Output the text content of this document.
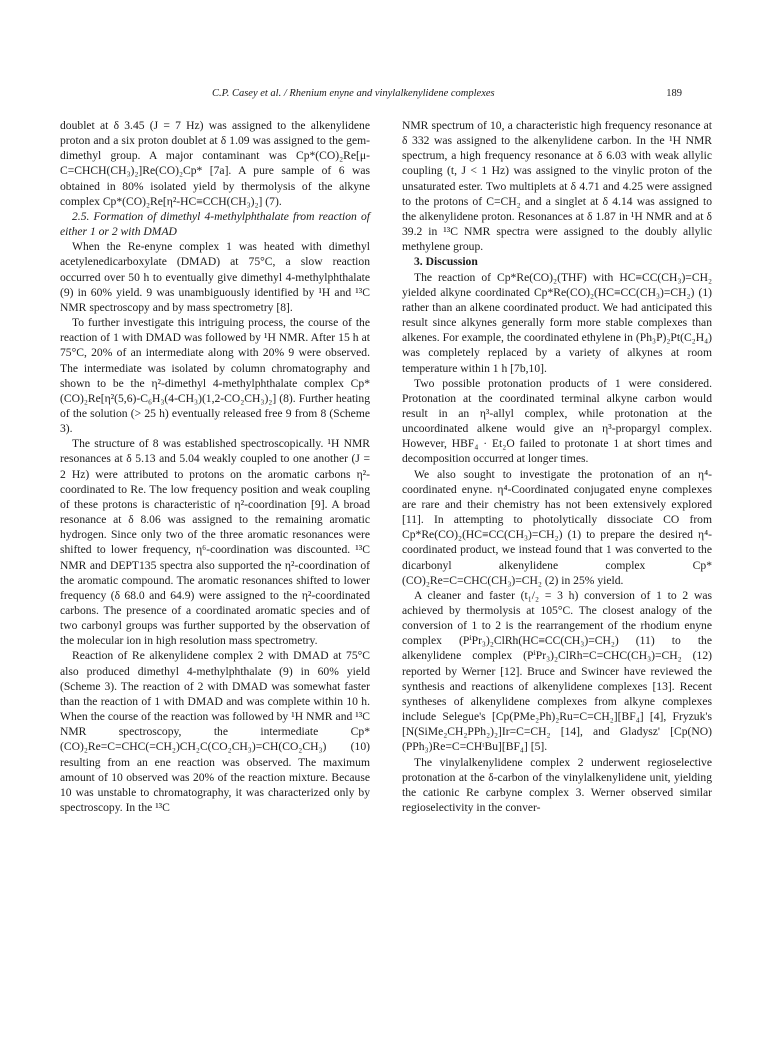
C.P. Casey et al. / Rhenium enyne and vinylalkenylidene complexes	189

doublet at δ 3.45 (J = 7 Hz) was assigned to the alkenylidene proton and a six proton doublet at δ 1.09 was assigned to the gem-dimethyl group. A major contaminant was Cp*(CO)₂Re[μ-C=CHCH(CH₃)₂]Re(CO)₂Cp* [7a]. A pure sample of 6 was obtained in 80% isolated yield by thermolysis of the alkyne complex Cp*(CO)₂Re[η²-HC≡CCH(CH₃)₂] (7).

2.5. Formation of dimethyl 4-methylphthalate from reaction of either 1 or 2 with DMAD

When the Re-enyne complex 1 was heated with dimethyl acetylenedicarboxylate (DMAD) at 75°C, a slow reaction occurred over 50 h to eventually give dimethyl 4-methylphthalate (9) in 60% yield. 9 was unambiguously identified by ¹H and ¹³C NMR spectroscopy and by mass spectrometry [8].

To further investigate this intriguing process, the course of the reaction of 1 with DMAD was followed by ¹H NMR. After 15 h at 75°C, 20% of an intermediate along with 20% 9 were observed. The intermediate was isolated by column chromatography and shown to be the η²-dimethyl 4-methylphthalate complex Cp*(CO)₂Re[η²(5,6)-C₆H₃(4-CH₃)(1,2-CO₂CH₃)₂] (8). Further heating of the solution (> 25 h) eventually released free 9 from 8 (Scheme 3).

The structure of 8 was established spectroscopically. ¹H NMR resonances at δ 5.13 and 5.04 weakly coupled to one another (J = 2 Hz) were attributed to protons on the aromatic carbons η²-coordinated to Re. The low frequency position and weak coupling of these protons is characteristic of η²-coordination [9]. A broad resonance at δ 8.06 was assigned to the remaining aromatic hydrogen. Since only two of the three aromatic resonances were shifted to lower frequency, η⁶-coordination was discounted. ¹³C NMR and DEPT135 spectra also supported the η²-coordination of the aromatic compound. The aromatic resonances shifted to lower frequency (δ 68.0 and 64.9) were assigned to the η²-coordinated carbons. The presence of a coordinated aromatic species and of two carbonyl groups was further supported by the observation of the molecular ion in high resolution mass spectrometry.

Reaction of Re alkenylidene complex 2 with DMAD at 75°C also produced dimethyl 4-methylphthalate (9) in 60% yield (Scheme 3). The reaction of 2 with DMAD was somewhat faster than the reaction of 1 with DMAD and was complete within 10 h. When the course of the reaction was followed by ¹H NMR and ¹³C NMR spectroscopy, the intermediate Cp*(CO)₂Re=C=CHC(=CH₂)CH₂C(CO₂CH₃)=CH(CO₂CH₃) (10) resulting from an ene reaction was observed. The maximum amount of 10 observed was 20% of the reaction mixture. Because 10 was unstable to chromatography, it was characterized only by spectroscopy. In the ¹³C

NMR spectrum of 10, a characteristic high frequency resonance at δ 332 was assigned to the alkenylidene carbon. In the ¹H NMR spectrum, a high frequency resonance at δ 6.03 with weak allylic coupling (t, J < 1 Hz) was assigned to the vinylic proton of the unsaturated ester. Two multiplets at δ 4.71 and 4.25 were assigned to the protons of C=CH₂ and a singlet at δ 4.14 was assigned to the alkenylidene proton. Resonances at δ 1.87 in ¹H NMR and at δ 39.2 in ¹³C NMR spectra were assigned to the doubly allylic methylene group.

3. Discussion

The reaction of Cp*Re(CO)₂(THF) with HC≡CC(CH₃)=CH₂ yielded alkyne coordinated Cp*Re(CO)₂(HC≡CC(CH₃)=CH₂) (1) rather than an alkene coordinated product. We had anticipated this result since alkynes generally form more stable complexes than alkenes. For example, the coordinated ethylene in (Ph₃P)₂Pt(C₂H₄) was completely replaced by a variety of alkynes at room temperature within 1 h [7b,10].

Two possible protonation products of 1 were considered. Protonation at the coordinated terminal alkyne carbon would result in an η³-allyl complex, while protonation at the uncoordinated alkene would give an η³-propargyl complex. However, HBF₄ · Et₂O failed to protonate 1 at short times and decomposition occurred at longer times.

We also sought to investigate the protonation of an η⁴-coordinated enyne. η⁴-Coordinated conjugated enyne complexes are rare and their chemistry has not been extensively explored [11]. In attempting to photolytically dissociate CO from Cp*Re(CO)₂(HC≡CC(CH₃)=CH₂) (1) to prepare the desired η⁴-coordinated product, we instead found that 1 was converted to the dicarbonyl alkenylidene complex Cp*(CO)₂Re=C=CHC(CH₃)=CH₂ (2) in 25% yield.

A cleaner and faster (t₁/₂ = 3 h) conversion of 1 to 2 was achieved by thermolysis at 105°C. The closest analogy of the conversion of 1 to 2 is the rearrangement of the rhodium enyne complex (PⁱPr₃)₂ClRh(HC≡CC(CH₃)=CH₂) (11) to the alkenylidene complex (PⁱPr₃)₂ClRh=C=CHC(CH₃)=CH₂ (12) reported by Werner [12]. Bruce and Swincer have reviewed the synthesis and reactions of alkenylidene complexes [13]. Recent syntheses of alkenylidene complexes from alkyne complexes include Selegue's [Cp(PMe₂Ph)₂Ru=C=CH₂][BF₄] [4], Fryzuk's [N(SiMe₂CH₂PPh₂)₂]Ir=C=CH₂ [14], and Gladysz' [Cp(NO)(PPh₃)Re=C=CHᵗBu][BF₄] [5].

The vinylalkenylidene complex 2 underwent regioselective protonation at the δ-carbon of the vinylalkenylidene unit, yielding the cationic Re carbyne complex 3. Werner observed similar regioselectivity in the conver-
